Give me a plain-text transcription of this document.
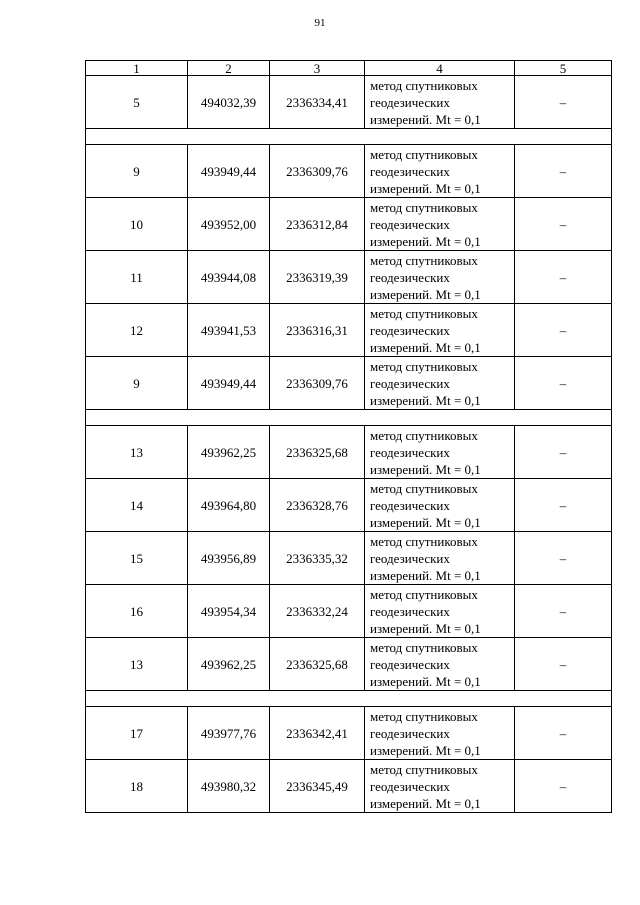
91
1	2	3	4	5
5	494032,39	2336334,41	метод спутниковых
геодезических
измерений. Mt = 0,1	–

9	493949,44	2336309,76	метод спутниковых
геодезических
измерений. Mt = 0,1	–
10	493952,00	2336312,84	метод спутниковых
геодезических
измерений. Mt = 0,1	–
11	493944,08	2336319,39	метод спутниковых
геодезических
измерений. Mt = 0,1	–
12	493941,53	2336316,31	метод спутниковых
геодезических
измерений. Mt = 0,1	–
9	493949,44	2336309,76	метод спутниковых
геодезических
измерений. Mt = 0,1	–

13	493962,25	2336325,68	метод спутниковых
геодезических
измерений. Mt = 0,1	–
14	493964,80	2336328,76	метод спутниковых
геодезических
измерений. Mt = 0,1	–
15	493956,89	2336335,32	метод спутниковых
геодезических
измерений. Mt = 0,1	–
16	493954,34	2336332,24	метод спутниковых
геодезических
измерений. Mt = 0,1	–
13	493962,25	2336325,68	метод спутниковых
геодезических
измерений. Mt = 0,1	–

17	493977,76	2336342,41	метод спутниковых
геодезических
измерений. Mt = 0,1	–
18	493980,32	2336345,49	метод спутниковых
геодезических
измерений. Mt = 0,1	–
